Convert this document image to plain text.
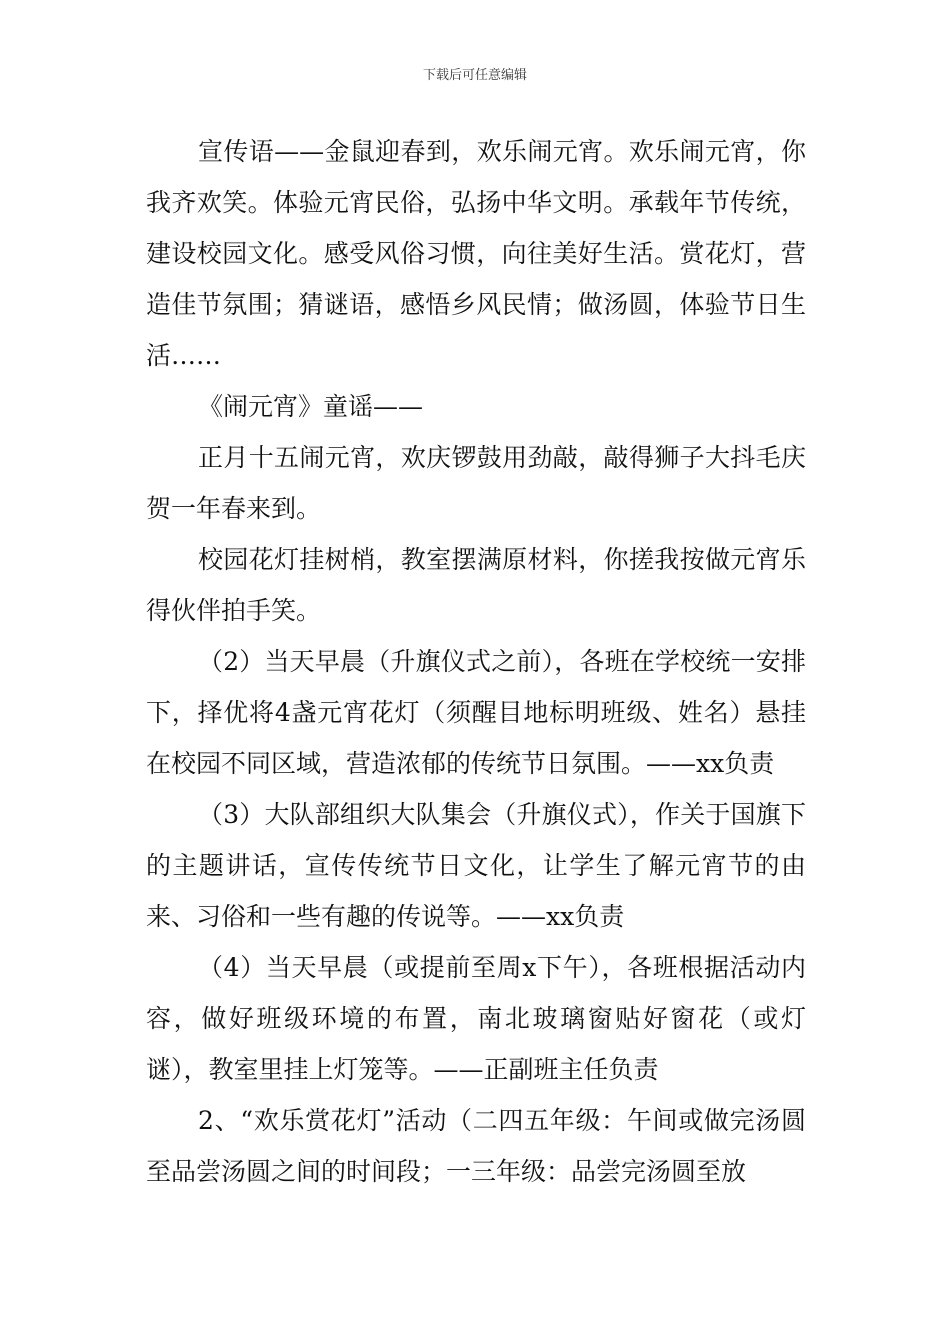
下载后可任意编辑

宣传语——金鼠迎春到，欢乐闹元宵。欢乐闹元宵，你我齐欢笑。体验元宵民俗，弘扬中华文明。承载年节传统，建设校园文化。感受风俗习惯，向往美好生活。赏花灯，营造佳节氛围；猜谜语，感悟乡风民情；做汤圆，体验节日生活……

《闹元宵》童谣——

正月十五闹元宵，欢庆锣鼓用劲敲，敲得狮子大抖毛庆贺一年春来到。

校园花灯挂树梢，教室摆满原材料，你搓我按做元宵乐得伙伴拍手笑。

（2）当天早晨（升旗仪式之前），各班在学校统一安排下，择优将4盏元宵花灯（须醒目地标明班级、姓名）悬挂在校园不同区域，营造浓郁的传统节日氛围。——xx负责

（3）大队部组织大队集会（升旗仪式），作关于国旗下的主题讲话，宣传传统节日文化，让学生了解元宵节的由来、习俗和一些有趣的传说等。——xx负责

（4）当天早晨（或提前至周x下午），各班根据活动内容，做好班级环境的布置，南北玻璃窗贴好窗花（或灯谜），教室里挂上灯笼等。——正副班主任负责

2、“欢乐赏花灯”活动（二四五年级：午间或做完汤圆至品尝汤圆之间的时间段；一三年级：品尝完汤圆至放
